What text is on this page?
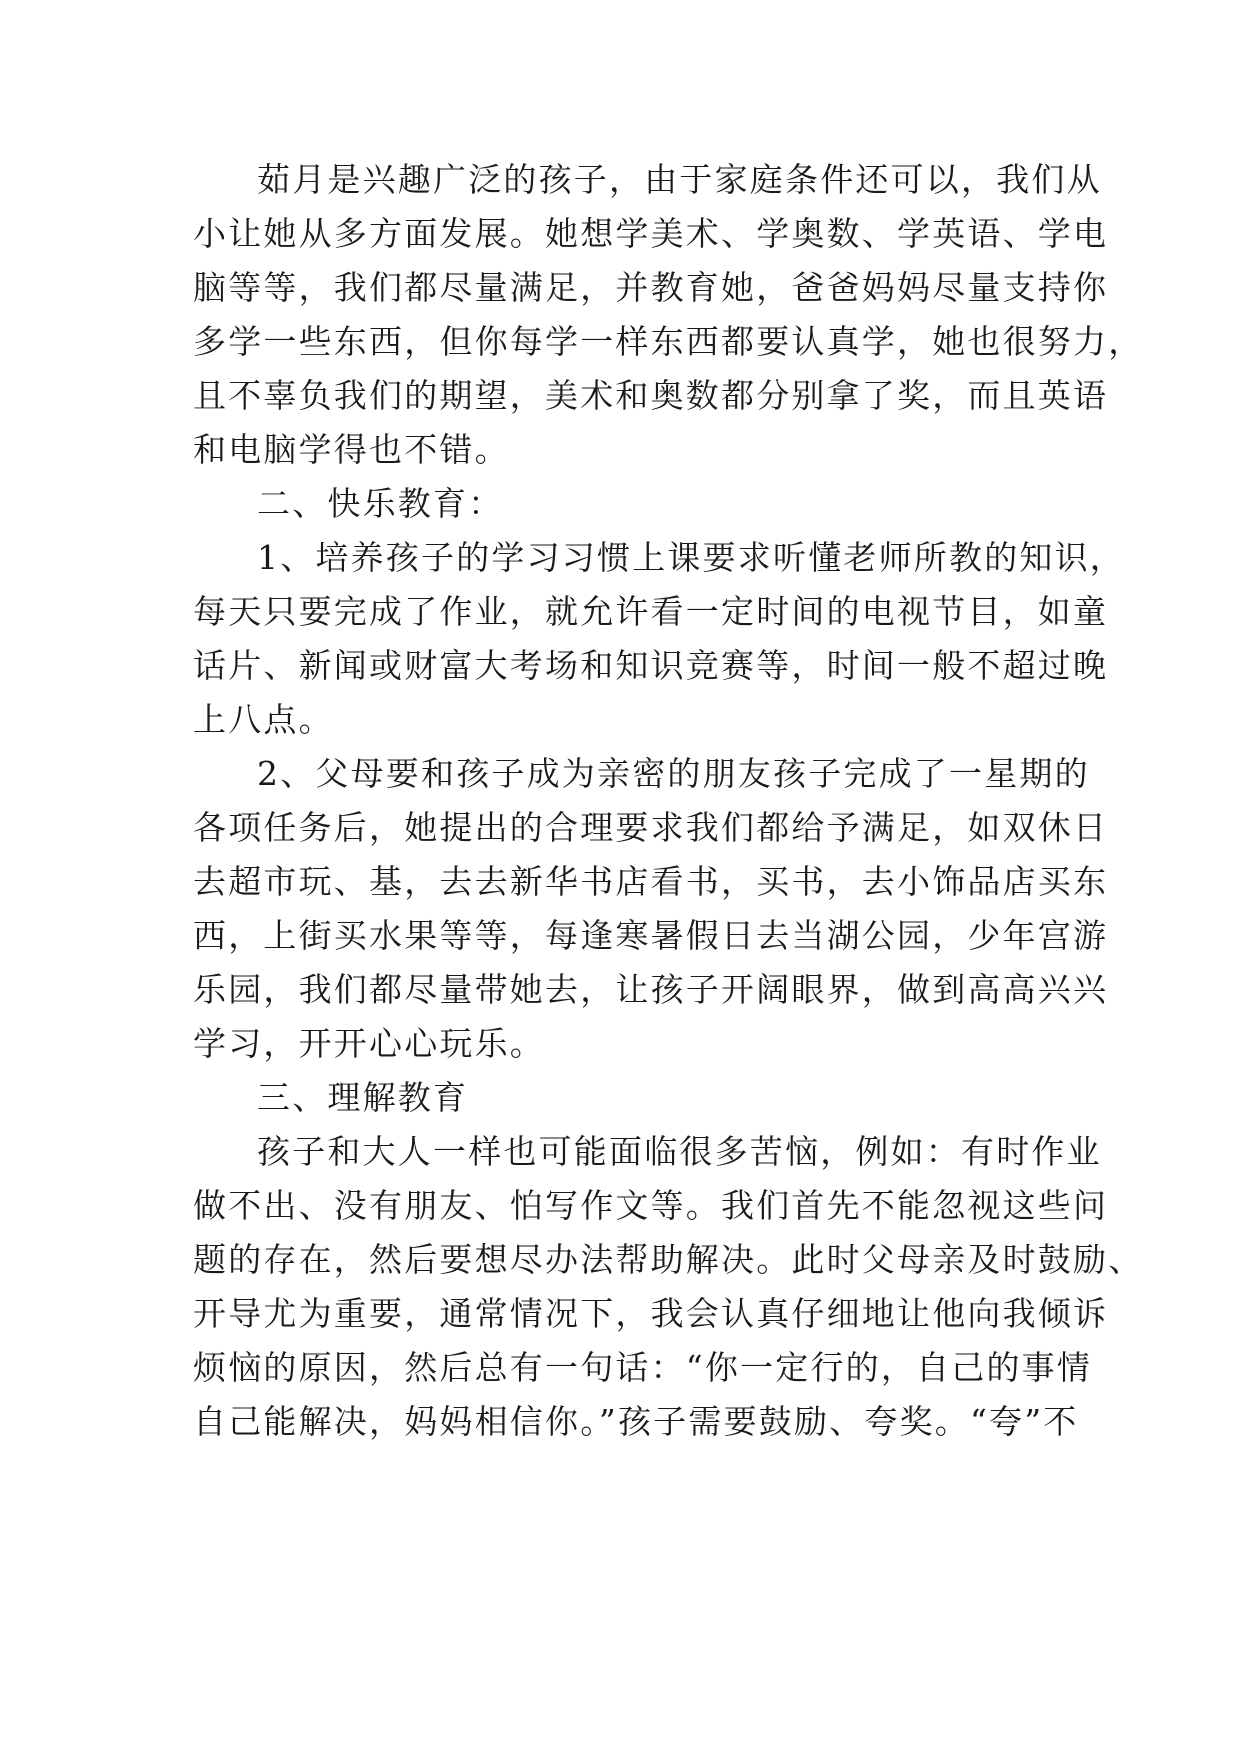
茹月是兴趣广泛的孩子，由于家庭条件还可以，我们从
小让她从多方面发展。她想学美术、学奥数、学英语、学电
脑等等，我们都尽量满足，并教育她，爸爸妈妈尽量支持你
多学一些东西，但你每学一样东西都要认真学，她也很努力，
且不辜负我们的期望，美术和奥数都分别拿了奖，而且英语
和电脑学得也不错。
二、快乐教育：
1、培养孩子的学习习惯上课要求听懂老师所教的知识，
每天只要完成了作业，就允许看一定时间的电视节目，如童
话片、新闻或财富大考场和知识竞赛等，时间一般不超过晚
上八点。
2、父母要和孩子成为亲密的朋友孩子完成了一星期的
各项任务后，她提出的合理要求我们都给予满足，如双休日
去超市玩、基，去去新华书店看书，买书，去小饰品店买东
西，上街买水果等等，每逢寒暑假日去当湖公园，少年宫游
乐园，我们都尽量带她去，让孩子开阔眼界，做到高高兴兴
学习，开开心心玩乐。
三、理解教育
孩子和大人一样也可能面临很多苦恼，例如：有时作业
做不出、没有朋友、怕写作文等。我们首先不能忽视这些问
题的存在，然后要想尽办法帮助解决。此时父母亲及时鼓励、
开导尤为重要，通常情况下，我会认真仔细地让他向我倾诉
烦恼的原因，然后总有一句话：“你一定行的，自己的事情
自己能解决，妈妈相信你。”孩子需要鼓励、夸奖。“夸”不
